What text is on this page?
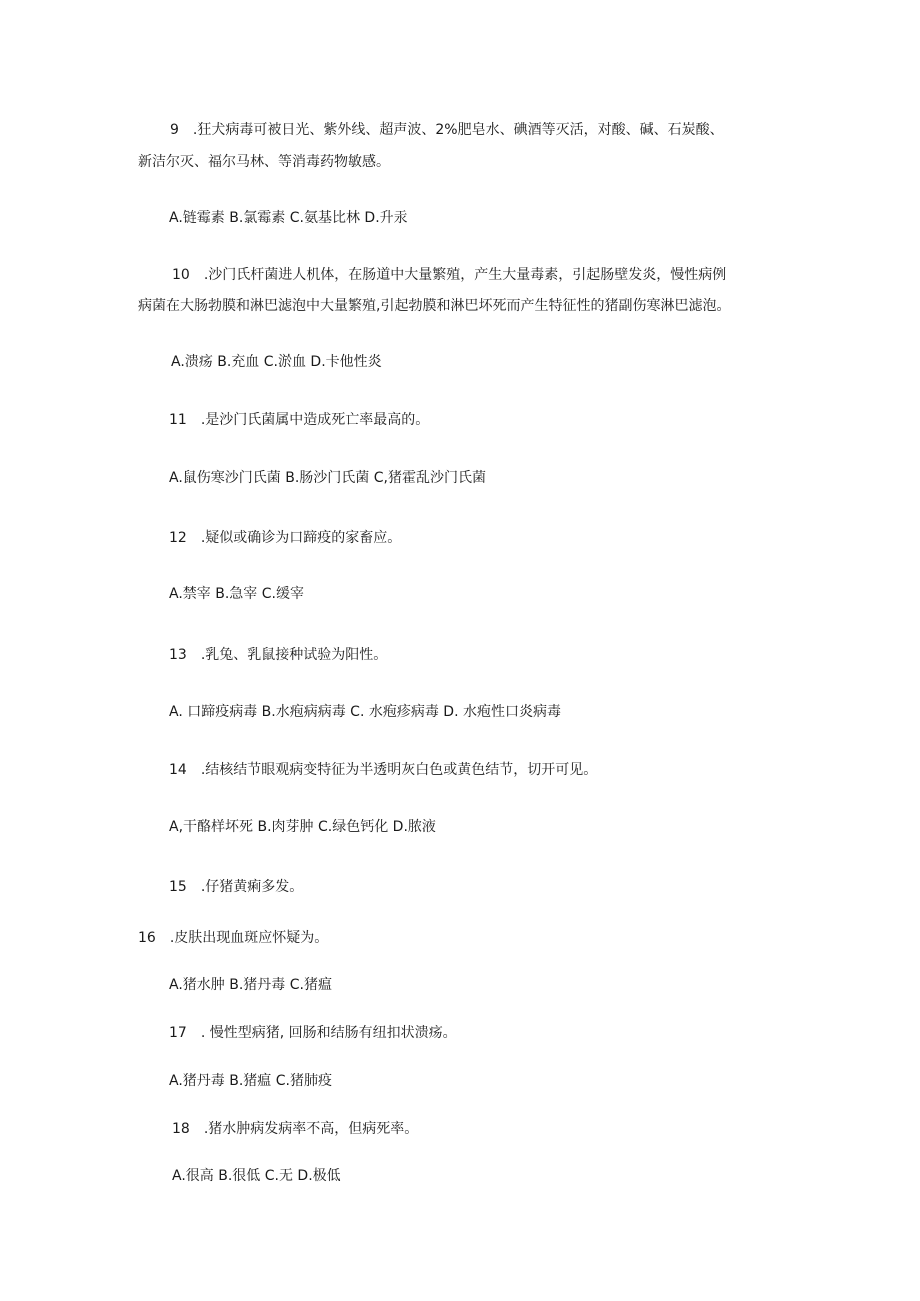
9　.狂犬病毒可被日光、紫外线、超声波、2%肥皂水、碘酒等灭活，对酸、碱、石炭酸、
新洁尔灭、福尔马林、等消毒药物敏感。
A.链霉素 B.氯霉素 C.氨基比林 D.升汞
10　.沙门氏杆菌进人机体，在肠道中大量繁殖，产生大量毒素，引起肠壁发炎，慢性病例
病菌在大肠勃膜和淋巴滤泡中大量繁殖,引起勃膜和淋巴坏死而产生特征性的猪副伤寒淋巴滤泡。
A.溃疡 B.充血 C.淤血 D.卡他性炎
11　.是沙门氏菌属中造成死亡率最高的。
A.鼠伤寒沙门氏菌 B.肠沙门氏菌 C,猪霍乱沙门氏菌
12　.疑似或确诊为口蹄疫的家畜应。
A.禁宰 B.急宰 C.缓宰
13　.乳兔、乳鼠接种试验为阳性。
A. 口蹄疫病毒 B.水疱病病毒 C. 水疱疹病毒 D. 水疱性口炎病毒
14　.结核结节眼观病变特征为半透明灰白色或黄色结节，切开可见。
A,干酪样坏死 B.肉芽肿 C.绿色钙化 D.脓液
15　.仔猪黄痢多发。
16　.皮肤出现血斑应怀疑为。
A.猪水肿 B.猪丹毒 C.猪瘟
17　. 慢性型病猪, 回肠和结肠有纽扣状溃疡。
A.猪丹毒 B.猪瘟 C.猪肺疫
18　.猪水肿病发病率不高，但病死率。
A.很高 B.很低 C.无 D.极低
